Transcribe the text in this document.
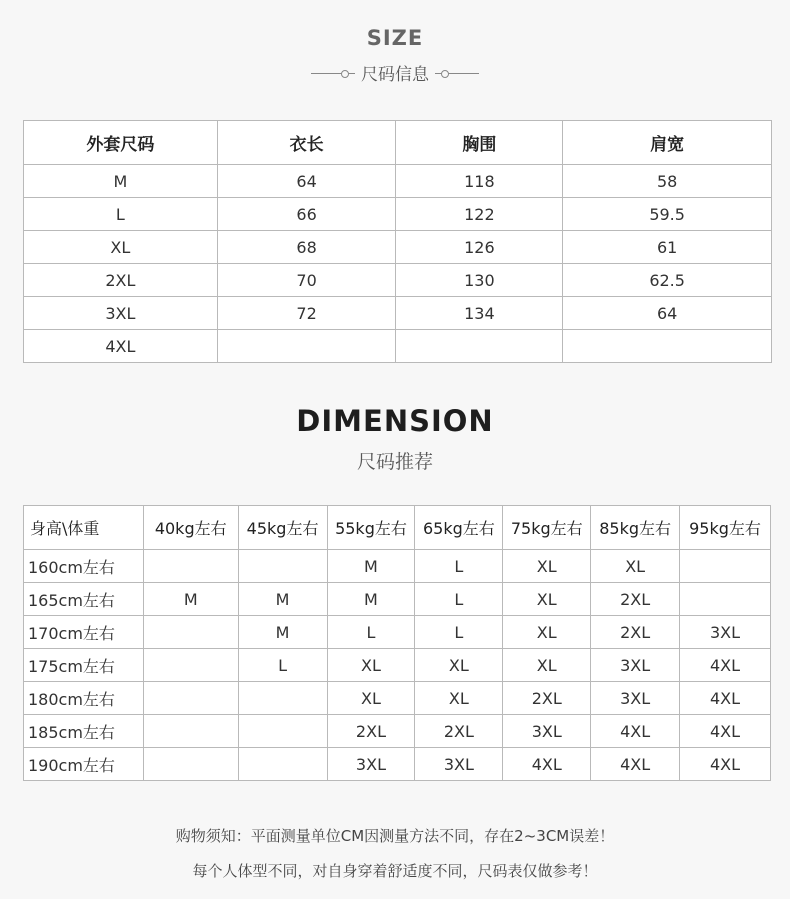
SIZE
尺码信息
外套尺码	衣长	胸围	肩宽
M	64	118	58
L	66	122	59.5
XL	68	126	61
2XL	70	130	62.5
3XL	72	134	64
4XL			
DIMENSION
尺码推荐
身高\体重	40kg左右	45kg左右	55kg左右	65kg左右	75kg左右	85kg左右	95kg左右
160cm左右			M	L	XL	XL	
165cm左右	M	M	M	L	XL	2XL	
170cm左右		M	L	L	XL	2XL	3XL
175cm左右		L	XL	XL	XL	3XL	4XL
180cm左右			XL	XL	2XL	3XL	4XL
185cm左右			2XL	2XL	3XL	4XL	4XL
190cm左右			3XL	3XL	4XL	4XL	4XL
购物须知：平面测量单位CM因测量方法不同，存在2~3CM误差！
每个人体型不同，对自身穿着舒适度不同，尺码表仅做参考！
